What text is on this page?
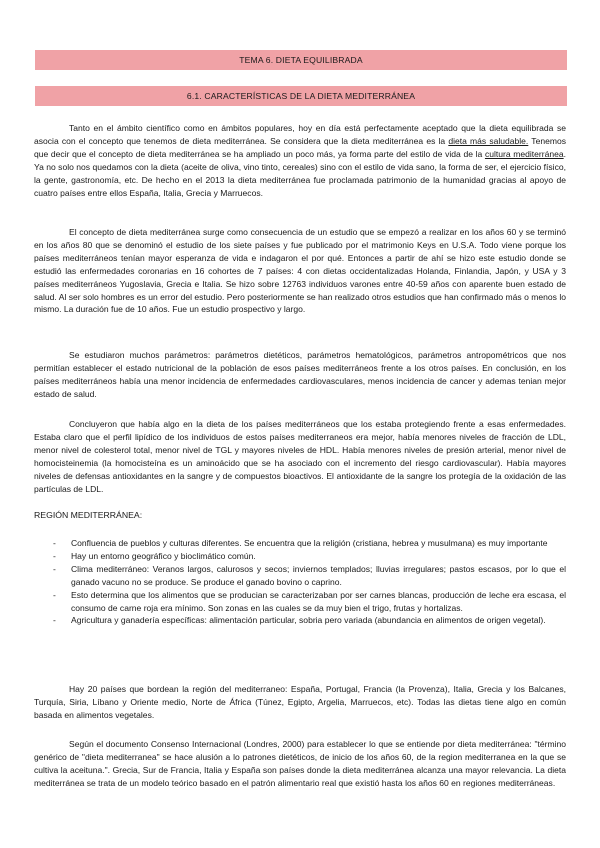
TEMA 6. DIETA EQUILIBRADA
6.1. CARACTERÍSTICAS DE LA DIETA MEDITERRÁNEA

Tanto en el ámbito científico como en ámbitos populares, hoy en día está perfectamente aceptado que la dieta equilibrada se asocia con el concepto que tenemos de dieta mediterránea. Se considera que la dieta mediterránea es la dieta más saludable. Tenemos que decir que el concepto de dieta mediterránea se ha ampliado un poco más, ya forma parte del estilo de vida de la cultura mediterránea. Ya no solo nos quedamos con la dieta (aceite de oliva, vino tinto, cereales) sino con el estilo de vida sano, la forma de ser, el ejercicio físico, la gente, gastronomía, etc. De hecho en el 2013 la dieta mediterránea fue proclamada patrimonio de la humanidad gracias al apoyo de cuatro países entre ellos España, Italia, Grecia y Marruecos.

El concepto de dieta mediterránea surge como consecuencia de un estudio que se empezó a realizar en los años 60 y se terminó en los años 80 que se denominó el estudio de los siete países y fue publicado por el matrimonio Keys en U.S.A. Todo viene porque los países mediterráneos tenían mayor esperanza de vida e indagaron el por qué. Entonces a partir de ahí se hizo este estudio donde se estudió las enfermedades coronarias en 16 cohortes de 7 países: 4 con dietas occidentalizadas Holanda, Finlandia, Japón, y USA y 3 países mediterráneos Yugoslavia, Grecia e Italia. Se hizo sobre 12763 individuos varones entre 40-59 años con aparente buen estado de salud. Al ser solo hombres es un error del estudio. Pero posteriormente se han realizado otros estudios que han confirmado más o menos lo mismo. La duración fue de 10 años. Fue un estudio prospectivo y largo.

Se estudiaron muchos parámetros: parámetros dietéticos, parámetros hematológicos, parámetros antropométricos que nos permitían establecer el estado nutricional de la población de esos países mediterráneos frente a los otros países. En conclusión, en los países mediterráneos había una menor incidencia de enfermedades cardiovasculares, menos incidencia de cancer y ademas tenian mejor estado de salud.

Concluyeron que había algo en la dieta de los países mediterráneos que los estaba protegiendo frente a esas enfermedades. Estaba claro que el perfil lipídico de los individuos de estos países mediterraneos era mejor, había menores niveles de fracción de LDL, menor nivel de colesterol total, menor nivel de TGL y mayores niveles de HDL. Había menores niveles de presión arterial, menor nivel de homocisteinemia (la homocisteína es un aminoácido que se ha asociado con el incremento del riesgo cardiovascular). Había mayores niveles de defensas antioxidantes en la sangre y de compuestos bioactivos. El antioxidante de la sangre los protegía de la oxidación de las partículas de LDL.

REGIÓN MEDITERRÁNEA:

- Confluencia de pueblos y culturas diferentes. Se encuentra que la religión (cristiana, hebrea y musulmana) es muy importante
- Hay un entorno geográfico y bioclimático común.
- Clima mediterráneo: Veranos largos, calurosos y secos; inviernos templados; lluvias irregulares; pastos escasos, por lo que el ganado vacuno no se produce. Se produce el ganado bovino o caprino.
- Esto determina que los alimentos que se producian se caracterizaban por ser carnes blancas, producción de leche era escasa, el consumo de carne roja era mínimo. Son zonas en las cuales se da muy bien el trigo, frutas y hortalizas.
- Agricultura y ganadería específicas: alimentación particular, sobria pero variada (abundancia en alimentos de origen vegetal).

Hay 20 países que bordean la región del mediterraneo: España, Portugal, Francia (la Provenza), Italia, Grecia y los Balcanes, Turquía, Siria, Líbano y Oriente medio, Norte de África (Túnez, Egipto, Argelia, Marruecos, etc). Todas las dietas tiene algo en común basada en alimentos vegetales.

Según el documento Consenso Internacional (Londres, 2000) para establecer lo que se entiende por dieta mediterránea: "término genérico de "dieta mediterranea" se hace alusión a lo patrones dietéticos, de inicio de los años 60, de la region mediterranea en la que se cultiva la aceituna.". Grecia, Sur de Francia, Italia y España son países donde la dieta mediterránea alcanza una mayor relevancia. La dieta mediterránea se trata de un modelo teórico basado en el patrón alimentario real que existió hasta los años 60 en regiones mediterráneas.
